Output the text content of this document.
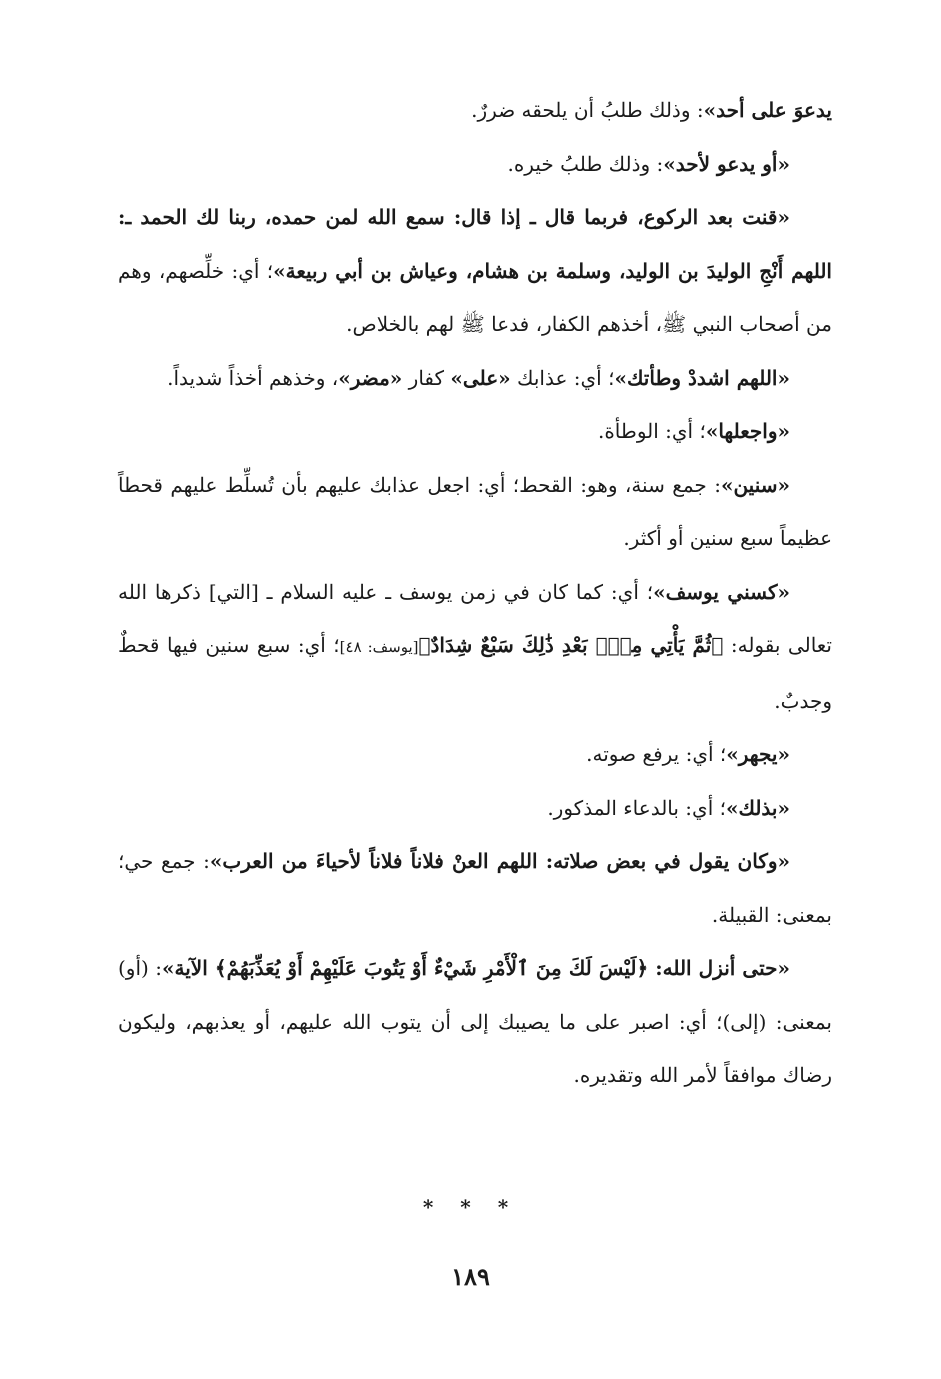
يدعوَ على أحد»: وذلك طلبُ أن يلحقه ضررٌ.

«أو يدعو لأحد»: وذلك طلبُ خيره.

«قنت بعد الركوع، فربما قال ـ إذا قال: سمع الله لمن حمده، ربنا لك الحمد ـ: اللهم أَنْجِ الوليدَ بن الوليد، وسلمة بن هشام، وعياش بن أبي ربيعة»؛ أي: خلِّصهم، وهم من أصحاب النبي ﷺ، أخذهم الكفار، فدعا ﷺ لهم بالخلاص.

«اللهم اشددْ وطأتك»؛ أي: عذابك «على» كفار «مضر»، وخذهم أخذاً شديداً.

«واجعلها»؛ أي: الوطأة.

«سنين»: جمع سنة، وهو: القحط؛ أي: اجعل عذابك عليهم بأن تُسلِّط عليهم قحطاً عظيماً سبع سنين أو أكثر.

«كسني يوسف»؛ أي: كما كان في زمن يوسف ـ عليه السلام ـ [التي] ذكرها الله تعالى بقوله: ﴿ثُمَّ يَأْتِي مِنْۢ بَعْدِ ذَٰلِكَ سَبْعٌ شِدَادٌ﴾[يوسف: ٤٨]؛ أي: سبع سنين فيها قحطٌ وجدبٌ.

«يجهر»؛ أي: يرفع صوته.

«بذلك»؛ أي: بالدعاء المذكور.

«وكان يقول في بعض صلاته: اللهم العنْ فلاناً فلاناً لأحياءَ من العرب»: جمع حي؛ بمعنى: القبيلة.

«حتى أنزل الله: ﴿لَيْسَ لَكَ مِنَ ٱلْأَمْرِ شَيْءٌ أَوْ يَتُوبَ عَلَيْهِمْ أَوْ يُعَذِّبَهُمْ﴾ الآية»: (أو) بمعنى: (إلى)؛ أي: اصبر على ما يصيبك إلى أن يتوب الله عليهم، أو يعذبهم، وليكون رضاك موافقاً لأمر الله وتقديره.

* * *
١٨٩
